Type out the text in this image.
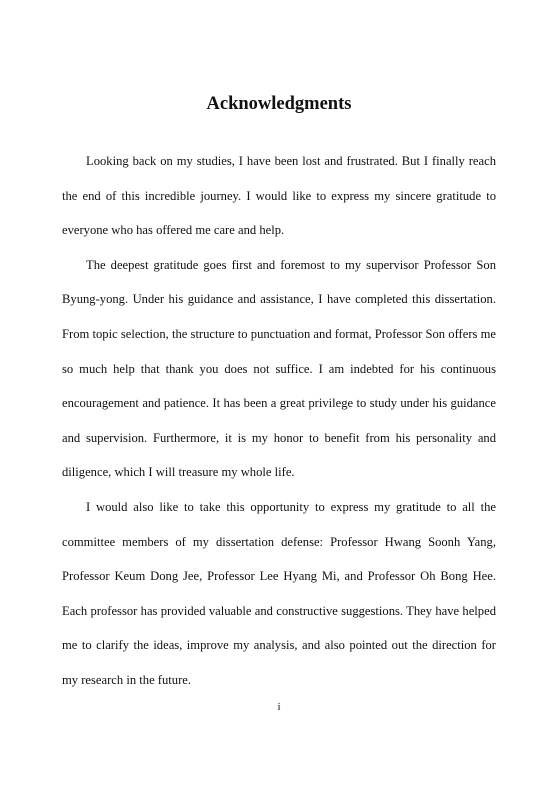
Acknowledgments

Looking back on my studies, I have been lost and frustrated. But I finally reach the end of this incredible journey. I would like to express my sincere gratitude to everyone who has offered me care and help.

The deepest gratitude goes first and foremost to my supervisor Professor Son Byung-yong. Under his guidance and assistance, I have completed this dissertation. From topic selection, the structure to punctuation and format, Professor Son offers me so much help that thank you does not suffice. I am indebted for his continuous encouragement and patience. It has been a great privilege to study under his guidance and supervision. Furthermore, it is my honor to benefit from his personality and diligence, which I will treasure my whole life.

I would also like to take this opportunity to express my gratitude to all the committee members of my dissertation defense: Professor Hwang Soonh Yang, Professor Keum Dong Jee, Professor Lee Hyang Mi, and Professor Oh Bong Hee. Each professor has provided valuable and constructive suggestions. They have helped me to clarify the ideas, improve my analysis, and also pointed out the direction for my research in the future.

i
